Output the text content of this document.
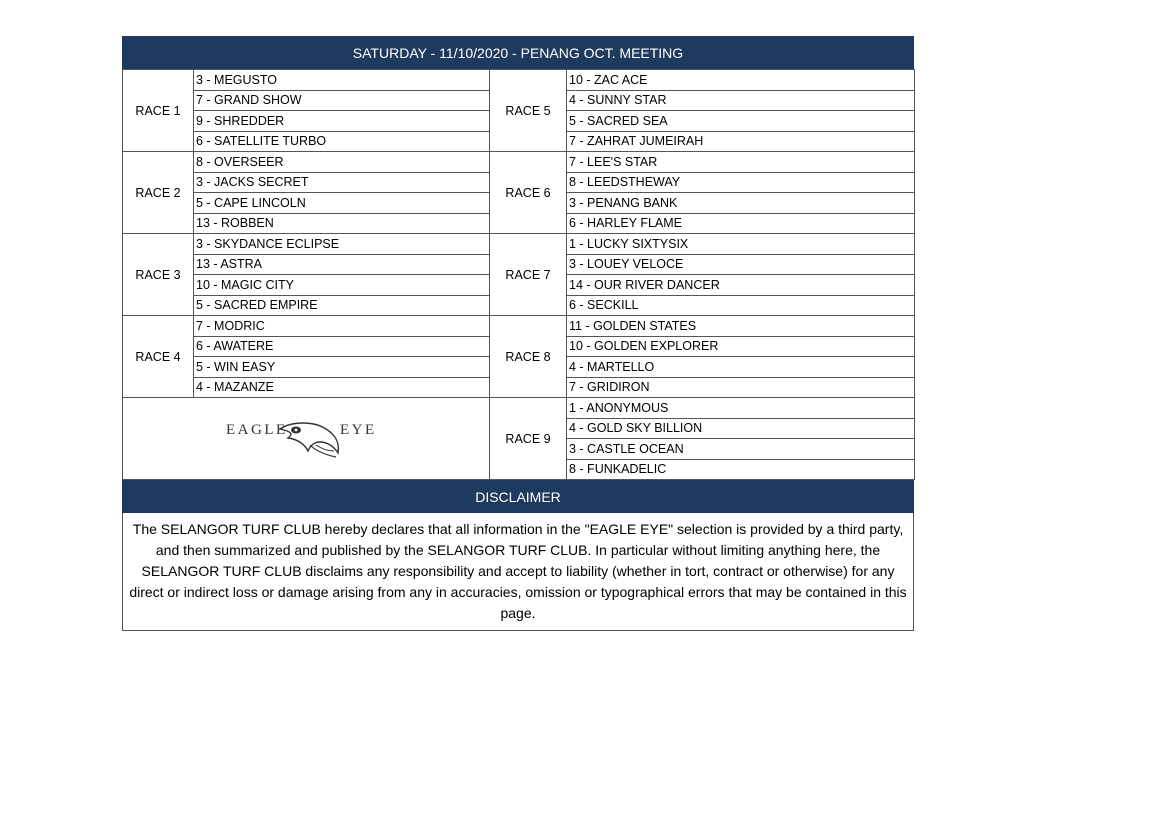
SATURDAY - 11/10/2020 - PENANG OCT. MEETING
RACE 1	3 - MEGUSTO	RACE 5	10 - ZAC ACE
	7 - GRAND SHOW		4 - SUNNY STAR
	9 - SHREDDER		5 - SACRED SEA
	6 - SATELLITE TURBO		7 - ZAHRAT JUMEIRAH
RACE 2	8 - OVERSEER	RACE 6	7 - LEE'S STAR
	3 - JACKS SECRET		8 - LEEDSTHEWAY
	5 - CAPE LINCOLN		3 - PENANG BANK
	13 - ROBBEN		6 - HARLEY FLAME
RACE 3	3 - SKYDANCE ECLIPSE	RACE 7	1 - LUCKY SIXTYSIX
	13 - ASTRA		3 - LOUEY VELOCE
	10 - MAGIC CITY		14 - OUR RIVER DANCER
	5 - SACRED EMPIRE		6 - SECKILL
RACE 4	7 - MODRIC	RACE 8	11 - GOLDEN STATES
	6 - AWATERE		10 - GOLDEN EXPLORER
	5 - WIN EASY		4 - MARTELLO
	4 - MAZANZE		7 - GRIDIRON

EAGLE EYE		RACE 9	1 - ANONYMOUS
			4 - GOLD SKY BILLION
			3 - CASTLE OCEAN
			8 - FUNKADELIC
DISCLAIMER
The SELANGOR TURF CLUB hereby declares that all information in the "EAGLE EYE" selection is provided by a third party, and then summarized and published by the SELANGOR TURF CLUB. In particular without limiting anything here, the SELANGOR TURF CLUB disclaims any responsibility and accept to liability (whether in tort, contract or otherwise) for any direct or indirect loss or damage arising from any in accuracies, omission or typographical errors that may be contained in this page.
